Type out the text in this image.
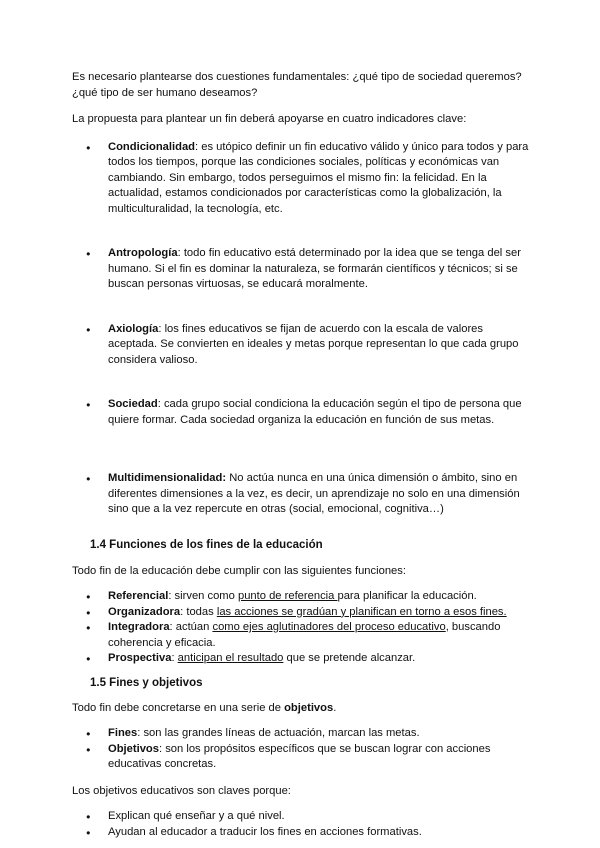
Es necesario plantearse dos cuestiones fundamentales: ¿qué tipo de sociedad queremos? ¿qué tipo de ser humano deseamos?

La propuesta para plantear un fin deberá apoyarse en cuatro indicadores clave:

● Condicionalidad: es utópico definir un fin educativo válido y único para todos y para todos los tiempos, porque las condiciones sociales, políticas y económicas van cambiando. Sin embargo, todos perseguimos el mismo fin: la felicidad. En la actualidad, estamos condicionados por características como la globalización, la multiculturalidad, la tecnología, etc.
● Antropología: todo fin educativo está determinado por la idea que se tenga del ser humano. Si el fin es dominar la naturaleza, se formarán científicos y técnicos; si se buscan personas virtuosas, se educará moralmente.
● Axiología: los fines educativos se fijan de acuerdo con la escala de valores aceptada. Se convierten en ideales y metas porque representan lo que cada grupo considera valioso.
● Sociedad: cada grupo social condiciona la educación según el tipo de persona que quiere formar. Cada sociedad organiza la educación en función de sus metas.
● Multidimensionalidad: No actúa nunca en una única dimensión o ámbito, sino en diferentes dimensiones a la vez, es decir, un aprendizaje no solo en una dimensión sino que a la vez repercute en otras (social, emocional, cognitiva…)
1.4 Funciones de los fines de la educación

Todo fin de la educación debe cumplir con las siguientes funciones:

● Referencial: sirven como punto de referencia para planificar la educación.
● Organizadora: todas las acciones se gradúan y planifican en torno a esos fines.
● Integradora: actúan como ejes aglutinadores del proceso educativo, buscando coherencia y eficacia.
● Prospectiva: anticipan el resultado que se pretende alcanzar.
1.5 Fines y objetivos

Todo fin debe concretarse en una serie de objetivos.

● Fines: son las grandes líneas de actuación, marcan las metas.
● Objetivos: son los propósitos específicos que se buscan lograr con acciones educativas concretas.

Los objetivos educativos son claves porque:

● Explican qué enseñar y a qué nivel.
● Ayudan al educador a traducir los fines en acciones formativas.
